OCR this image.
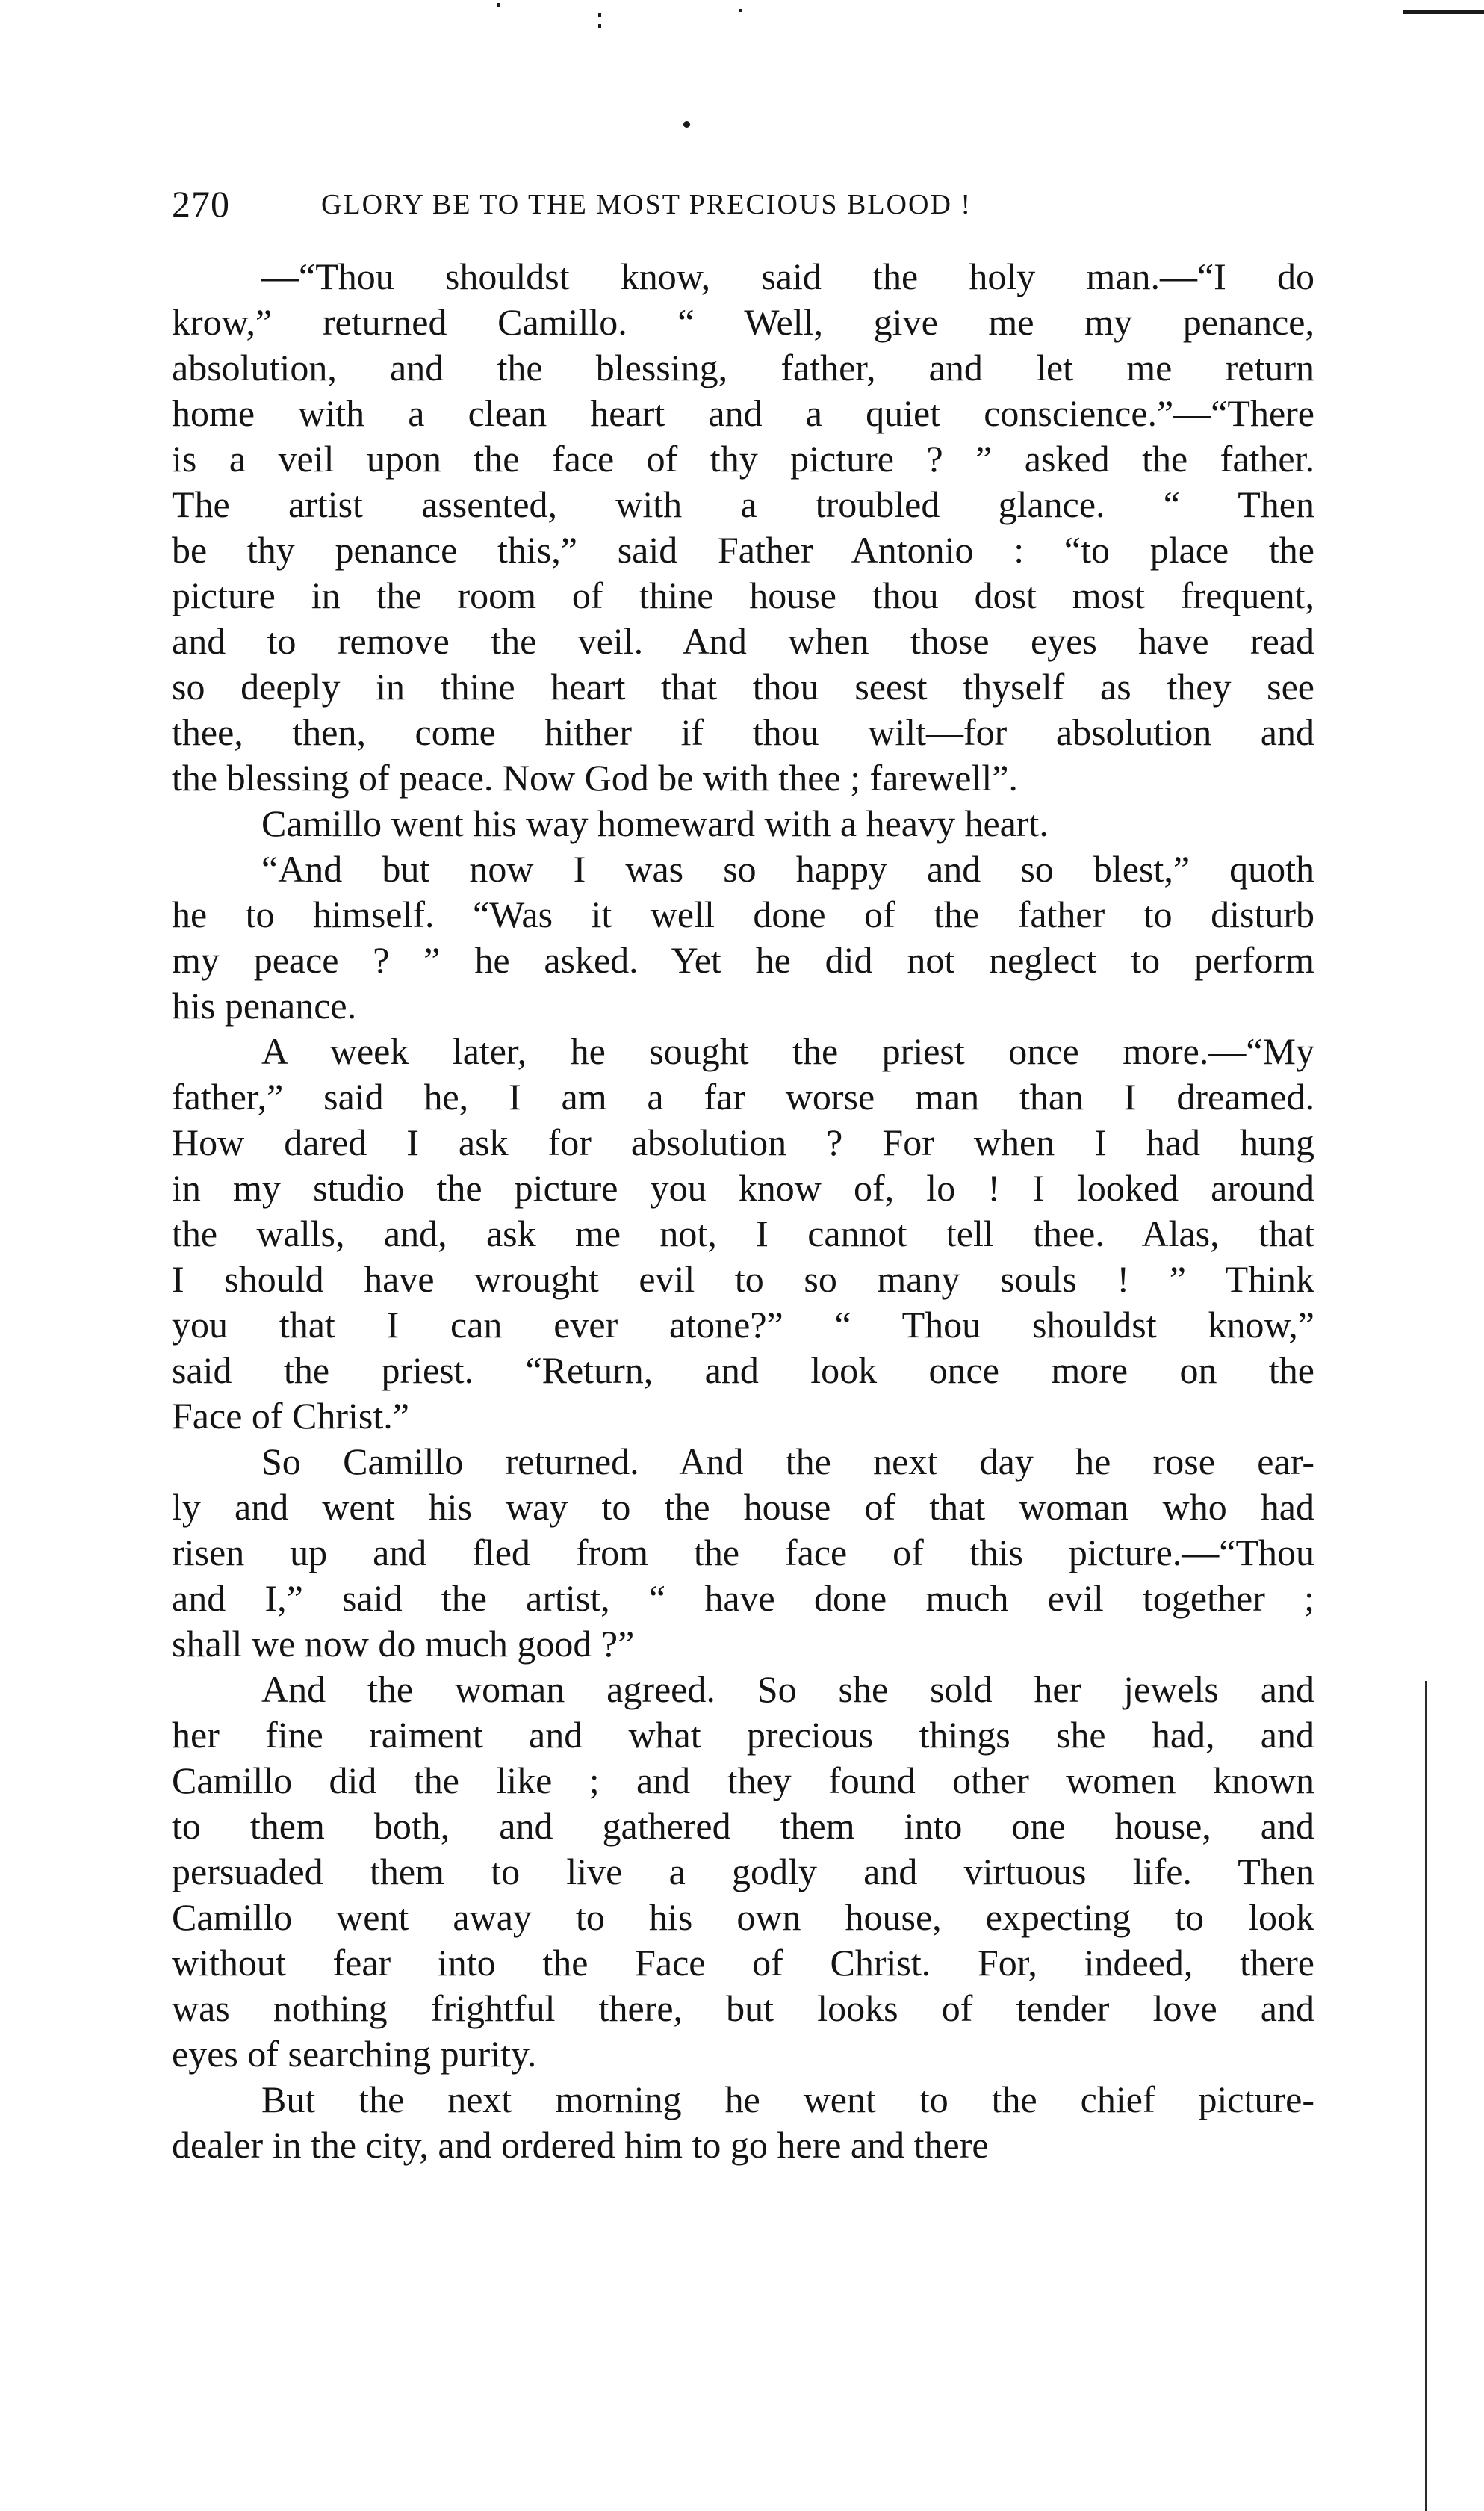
270	GLORY BE TO THE MOST PRECIOUS BLOOD !
—“Thou shouldst know, said the holy man.—“I do
krow,” returned Camillo. “ Well, give me my penance,
absolution, and the blessing, father, and let me return
home with a clean heart and a quiet conscience.”—“There
is a veil upon the face of thy picture ? ” asked the father.
The artist assented, with a troubled glance. “ Then
be thy penance this,” said Father Antonio : “to place the
picture in the room of thine house thou dost most frequent,
and to remove the veil. And when those eyes have read
so deeply in thine heart that thou seest thyself as they see
thee, then, come hither if thou wilt—for absolution and
the blessing of peace. Now God be with thee ; farewell”.
Camillo went his way homeward with a heavy heart.
“And but now I was so happy and so blest,” quoth
he to himself. “Was it well done of the father to disturb
my peace ? ” he asked. Yet he did not neglect to perform
his penance.
A week later, he sought the priest once more.—“My
father,” said he, I am a far worse man than I dreamed.
How dared I ask for absolution ? For when I had hung
in my studio the picture you know of, lo ! I looked around
the walls, and, ask me not, I cannot tell thee. Alas, that
I should have wrought evil to so many souls ! ” Think
you that I can ever atone?” “ Thou shouldst know,”
said the priest. “Return, and look once more on the
Face of Christ.”
So Camillo returned. And the next day he rose ear-
ly and went his way to the house of that woman who had
risen up and fled from the face of this picture.—“Thou
and I,” said the artist, “ have done much evil together ;
shall we now do much good ?”
And the woman agreed. So she sold her jewels and
her fine raiment and what precious things she had, and
Camillo did the like ; and they found other women known
to them both, and gathered them into one house, and
persuaded them to live a godly and virtuous life. Then
Camillo went away to his own house, expecting to look
without fear into the Face of Christ. For, indeed, there
was nothing frightful there, but looks of tender love and
eyes of searching purity.
But the next morning he went to the chief picture-
dealer in the city, and ordered him to go here and there
